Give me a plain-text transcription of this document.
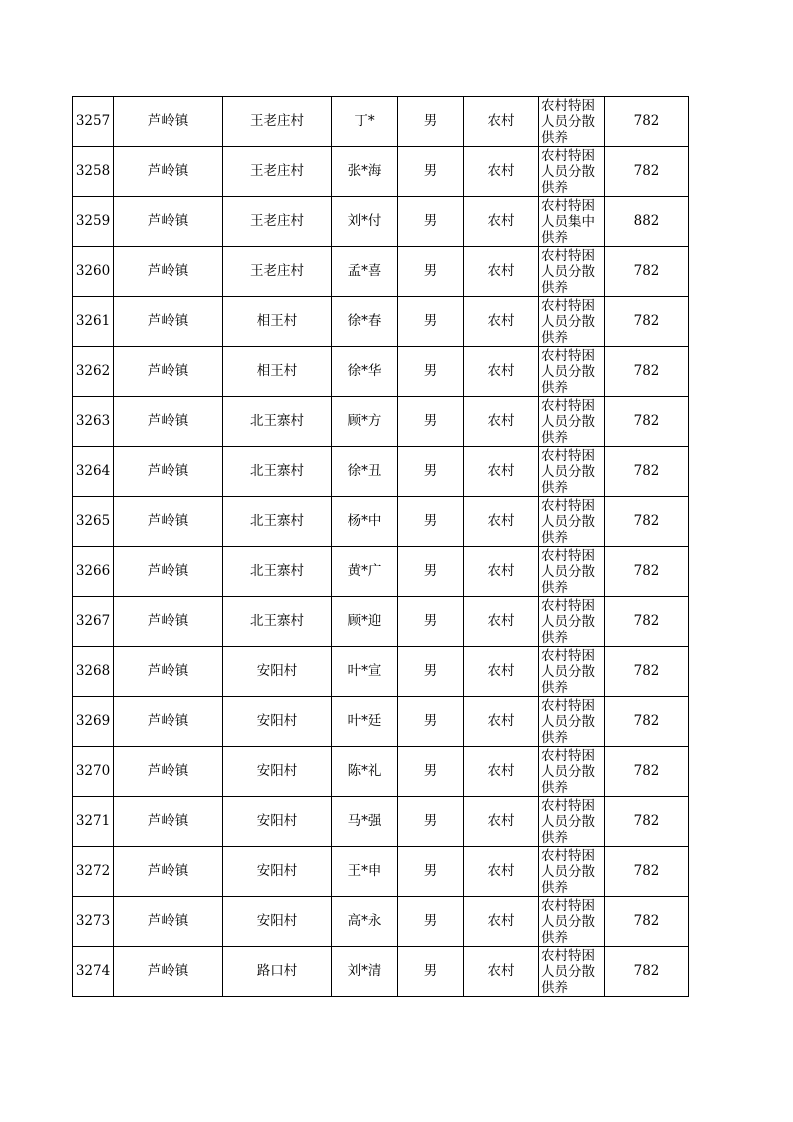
3257	芦岭镇	王老庄村	丁*	男	农村	农村特困人员分散供养	782
3258	芦岭镇	王老庄村	张*海	男	农村	农村特困人员分散供养	782
3259	芦岭镇	王老庄村	刘*付	男	农村	农村特困人员集中供养	882
3260	芦岭镇	王老庄村	孟*喜	男	农村	农村特困人员分散供养	782
3261	芦岭镇	相王村	徐*春	男	农村	农村特困人员分散供养	782
3262	芦岭镇	相王村	徐*华	男	农村	农村特困人员分散供养	782
3263	芦岭镇	北王寨村	顾*方	男	农村	农村特困人员分散供养	782
3264	芦岭镇	北王寨村	徐*丑	男	农村	农村特困人员分散供养	782
3265	芦岭镇	北王寨村	杨*中	男	农村	农村特困人员分散供养	782
3266	芦岭镇	北王寨村	黄*广	男	农村	农村特困人员分散供养	782
3267	芦岭镇	北王寨村	顾*迎	男	农村	农村特困人员分散供养	782
3268	芦岭镇	安阳村	叶*宣	男	农村	农村特困人员分散供养	782
3269	芦岭镇	安阳村	叶*廷	男	农村	农村特困人员分散供养	782
3270	芦岭镇	安阳村	陈*礼	男	农村	农村特困人员分散供养	782
3271	芦岭镇	安阳村	马*强	男	农村	农村特困人员分散供养	782
3272	芦岭镇	安阳村	王*申	男	农村	农村特困人员分散供养	782
3273	芦岭镇	安阳村	高*永	男	农村	农村特困人员分散供养	782
3274	芦岭镇	路口村	刘*清	男	农村	农村特困人员分散供养	782
